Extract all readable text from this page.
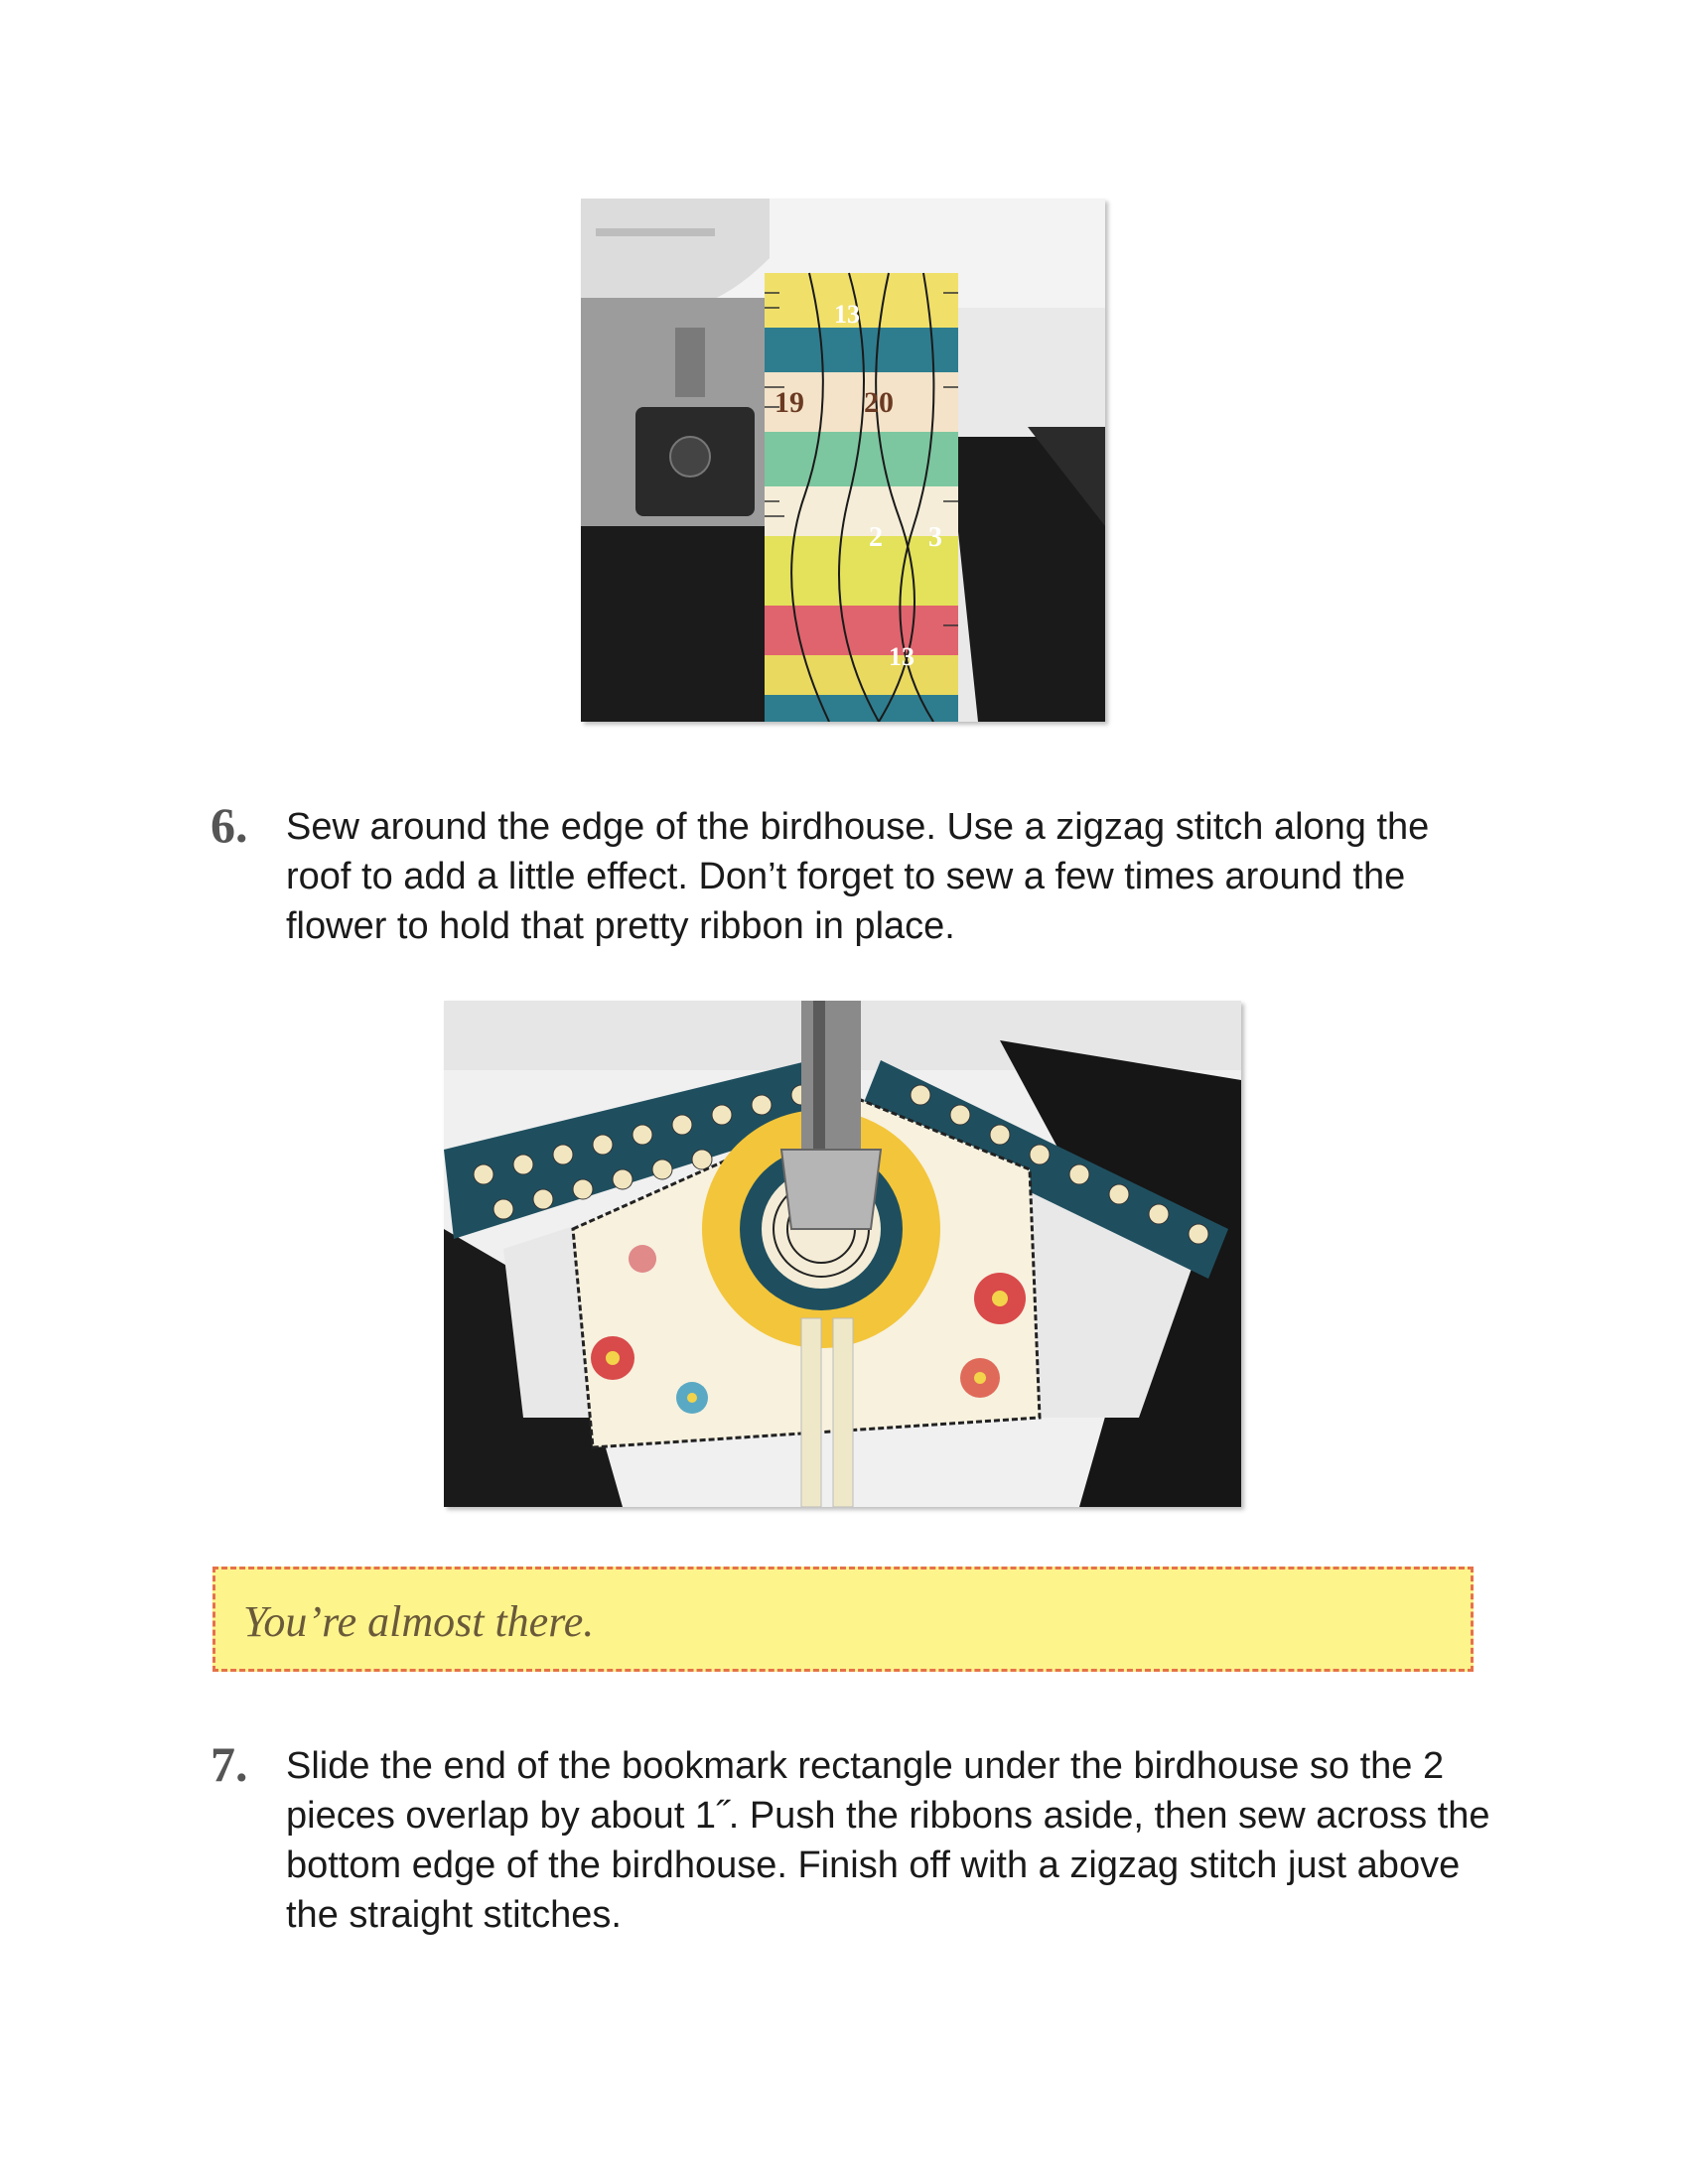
13
19 20
2 3
13
6. Sew around the edge of the birdhouse. Use a zigzag stitch along the roof to add a little effect. Don’t forget to sew a few times around the flower to hold that pretty ribbon in place.
You’re almost there.
7. Slide the end of the bookmark rectangle under the birdhouse so the 2 pieces overlap by about 1˝. Push the ribbons aside, then sew across the bottom edge of the birdhouse. Finish off with a zigzag stitch just above the straight stitches.
